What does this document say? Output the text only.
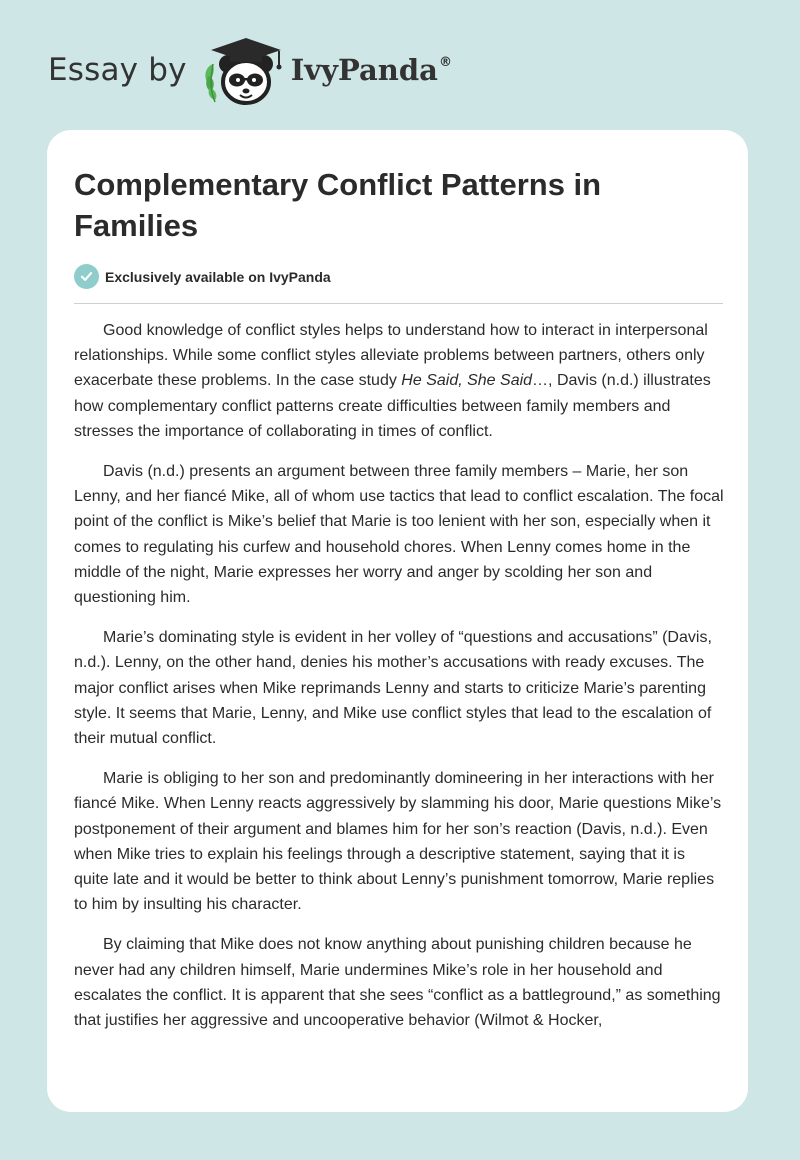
Essay by	IvyPanda®
Complementary Conflict Patterns in Families
Exclusively available on IvyPanda

Good knowledge of conflict styles helps to understand how to interact in interpersonal relationships. While some conflict styles alleviate problems between partners, others only exacerbate these problems. In the case study He Said, She Said…, Davis (n.d.) illustrates how complementary conflict patterns create difficulties between family members and stresses the importance of collaborating in times of conflict.

Davis (n.d.) presents an argument between three family members – Marie, her son Lenny, and her fiancé Mike, all of whom use tactics that lead to conflict escalation. The focal point of the conflict is Mike’s belief that Marie is too lenient with her son, especially when it comes to regulating his curfew and household chores. When Lenny comes home in the middle of the night, Marie expresses her worry and anger by scolding her son and questioning him.

Marie’s dominating style is evident in her volley of “questions and accusations” (Davis, n.d.). Lenny, on the other hand, denies his mother’s accusations with ready excuses. The major conflict arises when Mike reprimands Lenny and starts to criticize Marie’s parenting style. It seems that Marie, Lenny, and Mike use conflict styles that lead to the escalation of their mutual conflict.

Marie is obliging to her son and predominantly domineering in her interactions with her fiancé Mike. When Lenny reacts aggressively by slamming his door, Marie questions Mike’s postponement of their argument and blames him for her son’s reaction (Davis, n.d.). Even when Mike tries to explain his feelings through a descriptive statement, saying that it is quite late and it would be better to think about Lenny’s punishment tomorrow, Marie replies to him by insulting his character.

By claiming that Mike does not know anything about punishing children because he never had any children himself, Marie undermines Mike’s role in her household and escalates the conflict. It is apparent that she sees “conflict as a battleground,” as something that justifies her aggressive and uncooperative behavior (Wilmot & Hocker,
